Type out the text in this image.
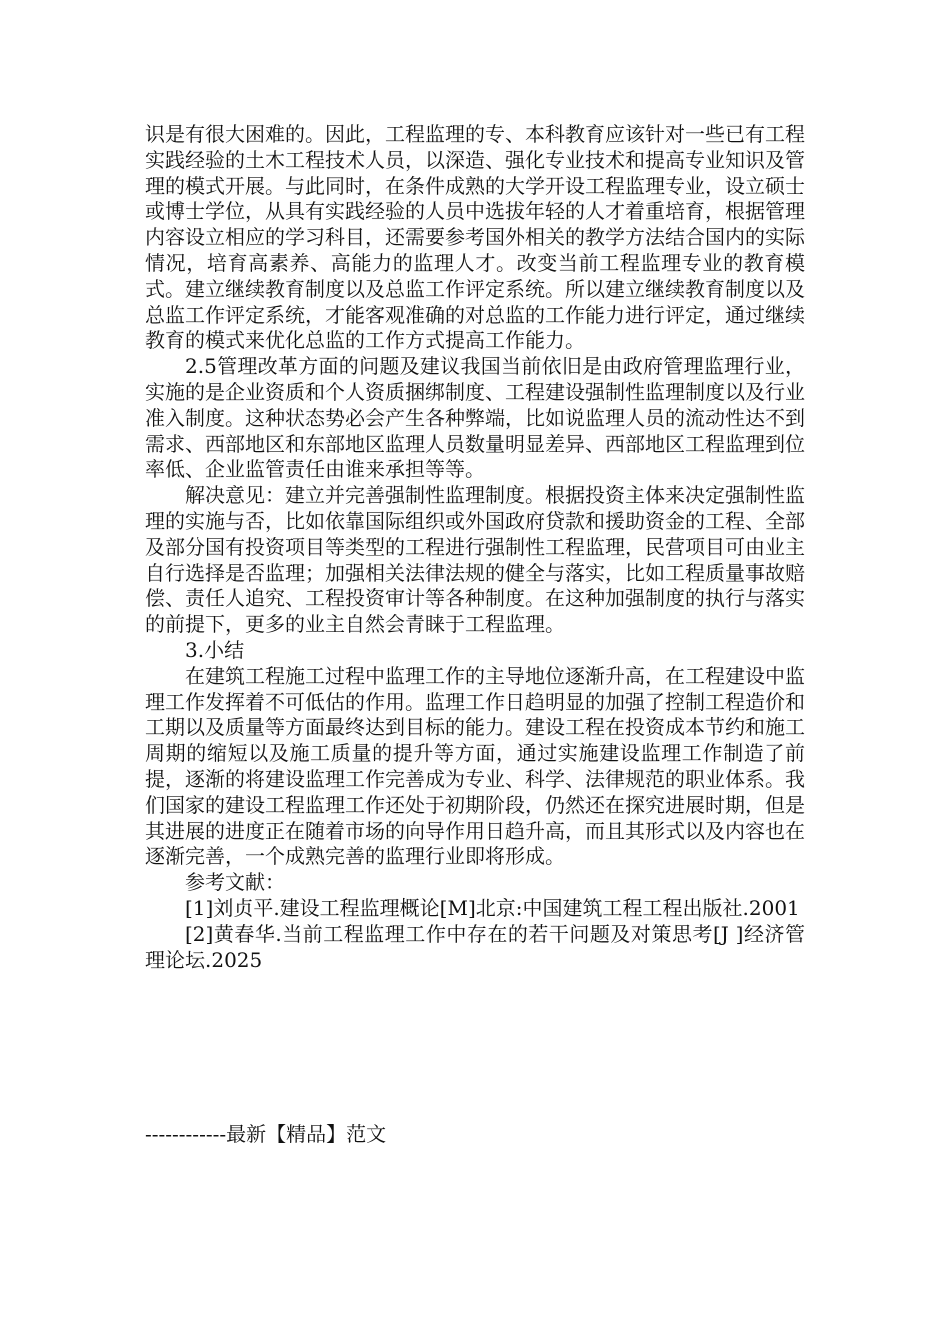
识是有很大困难的。因此，工程监理的专、本科教育应该针对一些已有工程实践经验的土木工程技术人员，以深造、强化专业技术和提高专业知识及管理的模式开展。与此同时，在条件成熟的大学开设工程监理专业，设立硕士或博士学位，从具有实践经验的人员中选拔年轻的人才着重培育，根据管理内容设立相应的学习科目，还需要参考国外相关的教学方法结合国内的实际情况，培育高素养、高能力的监理人才。改变当前工程监理专业的教育模式。建立继续教育制度以及总监工作评定系统。所以建立继续教育制度以及总监工作评定系统，才能客观准确的对总监的工作能力进行评定，通过继续教育的模式来优化总监的工作方式提高工作能力。

2.5管理改革方面的问题及建议我国当前依旧是由政府管理监理行业，实施的是企业资质和个人资质捆绑制度、工程建设强制性监理制度以及行业准入制度。这种状态势必会产生各种弊端，比如说监理人员的流动性达不到需求、西部地区和东部地区监理人员数量明显差异、西部地区工程监理到位率低、企业监管责任由谁来承担等等。

解决意见：建立并完善强制性监理制度。根据投资主体来决定强制性监理的实施与否，比如依靠国际组织或外国政府贷款和援助资金的工程、全部及部分国有投资项目等类型的工程进行强制性工程监理，民营项目可由业主自行选择是否监理；加强相关法律法规的健全与落实，比如工程质量事故赔偿、责任人追究、工程投资审计等各种制度。在这种加强制度的执行与落实的前提下，更多的业主自然会青睐于工程监理。

3.小结

在建筑工程施工过程中监理工作的主导地位逐渐升高，在工程建设中监理工作发挥着不可低估的作用。监理工作日趋明显的加强了控制工程造价和工期以及质量等方面最终达到目标的能力。建设工程在投资成本节约和施工周期的缩短以及施工质量的提升等方面，通过实施建设监理工作制造了前提，逐渐的将建设监理工作完善成为专业、科学、法律规范的职业体系。我们国家的建设工程监理工作还处于初期阶段，仍然还在探究进展时期，但是其进展的进度正在随着市场的向导作用日趋升高，而且其形式以及内容也在逐渐完善，一个成熟完善的监理行业即将形成。

参考文献：

[1]刘贞平.建设工程监理概论[M]北京:中国建筑工程工程出版社.2001

[2]黄春华.当前工程监理工作中存在的若干问题及对策思考[J ]经济管理论坛.2025

------------最新【精品】范文
